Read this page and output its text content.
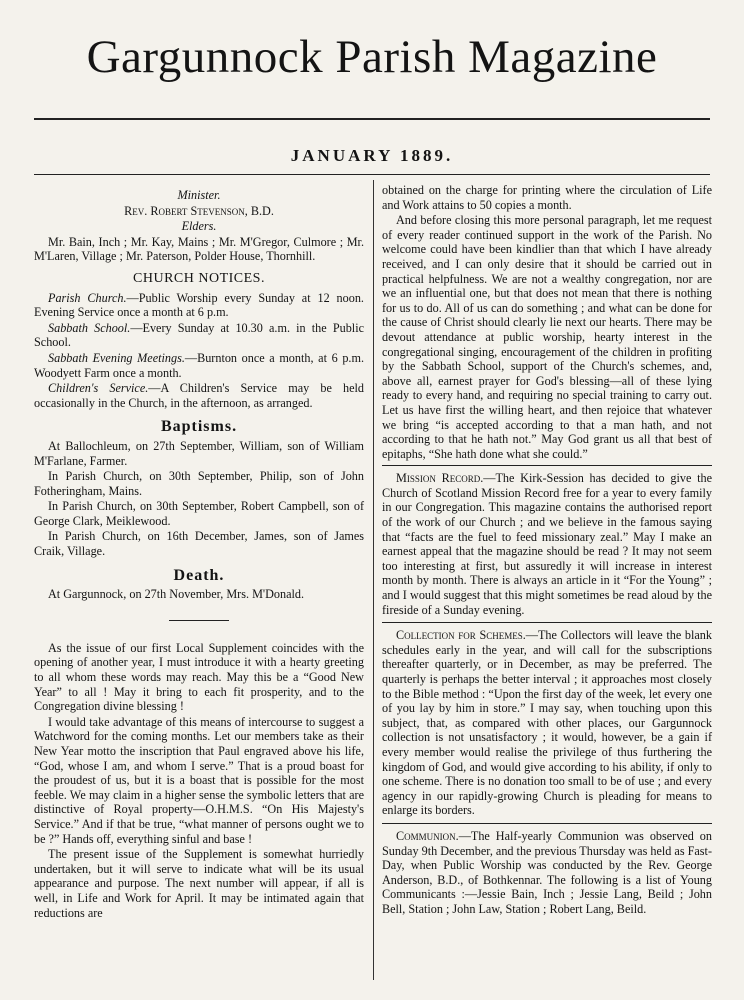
Gargunnock Parish Magazine
JANUARY 1889.

Minister.

Rev. Robert Stevenson, B.D.

Elders.

Mr. Bain, Inch ; Mr. Kay, Mains ; Mr. M'Gregor, Culmore ; Mr. M'Laren, Village ; Mr. Paterson, Polder House, Thornhill.

CHURCH NOTICES.

Parish Church.—Public Worship every Sunday at 12 noon. Evening Service once a month at 6 p.m.

Sabbath School.—Every Sunday at 10.30 a.m. in the Public School.

Sabbath Evening Meetings.—Burnton once a month, at 6 p.m. Woodyett Farm once a month.

Children's Service.—A Children's Service may be held occasionally in the Church, in the afternoon, as arranged.

Baptisms.

At Ballochleum, on 27th September, William, son of William M'Farlane, Farmer.

In Parish Church, on 30th September, Philip, son of John Fotheringham, Mains.

In Parish Church, on 30th September, Robert Campbell, son of George Clark, Meiklewood.

In Parish Church, on 16th December, James, son of James Craik, Village.

Death.

At Gargunnock, on 27th November, Mrs. M'Donald.

As the issue of our first Local Supplement coincides with the opening of another year, I must introduce it with a hearty greeting to all whom these words may reach. May this be a “Good New Year” to all ! May it bring to each fit prosperity, and to the Congregation divine blessing !

I would take advantage of this means of intercourse to suggest a Watchword for the coming months. Let our members take as their New Year motto the inscription that Paul engraved above his life, “God, whose I am, and whom I serve.” That is a proud boast for the proudest of us, but it is a boast that is possible for the most feeble. We may claim in a higher sense the symbolic letters that are distinctive of Royal property—O.H.M.S. “On His Majesty's Service.” And if that be true, “what manner of persons ought we to be ?” Hands off, everything sinful and base !

The present issue of the Supplement is somewhat hurriedly undertaken, but it will serve to indicate what will be its usual appearance and purpose. The next number will appear, if all is well, in Life and Work for April. It may be intimated again that reductions are

obtained on the charge for printing where the circulation of Life and Work attains to 50 copies a month.

And before closing this more personal paragraph, let me request of every reader continued support in the work of the Parish. No welcome could have been kindlier than that which I have already received, and I can only desire that it should be carried out in practical helpfulness. We are not a wealthy congregation, nor are we an influential one, but that does not mean that there is nothing for us to do. All of us can do something ; and what can be done for the cause of Christ should clearly lie next our hearts. There may be devout attendance at public worship, hearty interest in the congregational singing, encouragement of the children in profiting by the Sabbath School, support of the Church's schemes, and, above all, earnest prayer for God's blessing—all of these lying ready to every hand, and requiring no special training to carry out. Let us have first the willing heart, and then rejoice that whatever we bring “is accepted according to that a man hath, and not according to that he hath not.” May God grant us all that best of epitaphs, “She hath done what she could.”

Mission Record.—The Kirk-Session has decided to give the Church of Scotland Mission Record free for a year to every family in our Congregation. This magazine contains the authorised report of the work of our Church ; and we believe in the famous saying that “facts are the fuel to feed missionary zeal.” May I make an earnest appeal that the magazine should be read ? It may not seem too interesting at first, but assuredly it will increase in interest month by month. There is always an article in it “For the Young” ; and I would suggest that this might sometimes be read aloud by the fireside of a Sunday evening.

Collection for Schemes.—The Collectors will leave the blank schedules early in the year, and will call for the subscriptions thereafter quarterly, or in December, as may be preferred. The quarterly is perhaps the better interval ; it approaches most closely to the Bible method : “Upon the first day of the week, let every one of you lay by him in store.” I may say, when touching upon this subject, that, as compared with other places, our Gargunnock collection is not unsatisfactory ; it would, however, be a gain if every member would realise the privilege of thus furthering the kingdom of God, and would give according to his ability, if only to one scheme. There is no donation too small to be of use ; and every agency in our rapidly-growing Church is pleading for means to enlarge its borders.

Communion.—The Half-yearly Communion was observed on Sunday 9th December, and the previous Thursday was held as Fast-Day, when Public Worship was conducted by the Rev. George Anderson, B.D., of Bothkennar. The following is a list of Young Communicants :—Jessie Bain, Inch ; Jessie Lang, Beild ; John Bell, Station ; John Law, Station ; Robert Lang, Beild.
